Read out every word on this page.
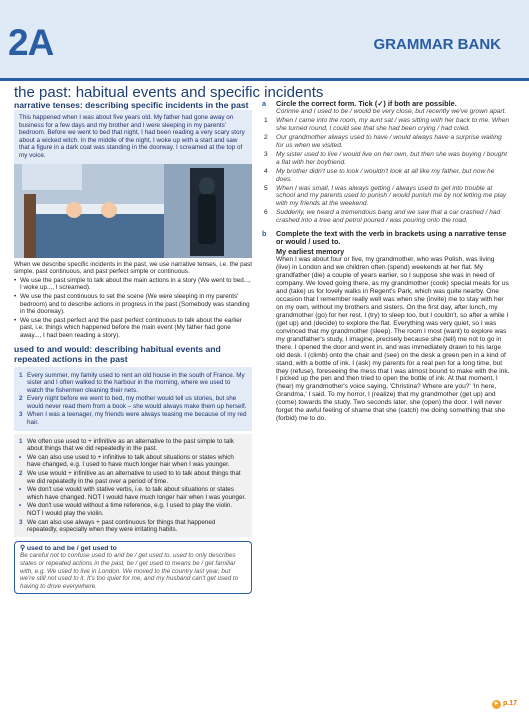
2A	GRAMMAR BANK
the past: habitual events and specific incidents
narrative tenses: describing specific incidents in the past
This happened when I was about five years old. My father had gone away on business for a few days and my brother and I were sleeping in my parents' bedroom. Before we went to bed that night, I had been reading a very scary story about a wicked witch. In the middle of the night, I woke up with a start and saw that a figure in a dark coat was standing in the doorway. I screamed at the top of my voice.
When we describe specific incidents in the past, we use narrative tenses, i.e. the past simple, past continuous, and past perfect simple or continuous.
• We use the past simple to talk about the main actions in a story (We went to bed..., I woke up..., I screamed).
• We use the past continuous to set the scene (We were sleeping in my parents' bedroom) and to describe actions in progress in the past (Somebody was standing in the doorway).
• We use the past perfect and the past perfect continuous to talk about the earlier past, i.e. things which happened before the main event (My father had gone away..., I had been reading a story).
used to and would: describing habitual events and repeated actions in the past
1 Every summer, my family used to rent an old house in the south of France. My sister and I often walked to the harbour in the morning, where we used to watch the fishermen cleaning their nets.
2 Every night before we went to bed, my mother would tell us stories, but she would never read them from a book – she would always make them up herself.
3 When I was a teenager, my friends were always teasing me because of my red hair.
1 We often use used to + infinitive as an alternative to the past simple to talk about things that we did repeatedly in the past.
• We can also use used to + infinitive to talk about situations or states which have changed, e.g. I used to have much longer hair when I was younger.
2 We use would + infinitive as an alternative to used to to talk about things that we did repeatedly in the past over a period of time.
• We don't use would with stative verbs, i.e. to talk about situations or states which have changed. NOT I would have much longer hair when I was younger.
• We don't use would without a time reference, e.g. I used to play the violin. NOT I would play the violin.
3 We can also use always + past continuous for things that happened repeatedly, especially when they were irritating habits.
⚲ used to and be / get used to
Be careful not to confuse used to and be / get used to. used to only describes states or repeated actions in the past, be / get used to means be / get familiar with, e.g. We used to live in London. We moved to the country last year, but we're still not used to it. It's too quiet for me, and my husband can't get used to having to drive everywhere.
a	Circle the correct form. Tick (✓) if both are possible.
Corinne and I used to be / would be very close, but recently we've grown apart.
1	When I came into the room, my aunt sat / was sitting with her back to me. When she turned round, I could see that she had been crying / had cried.
2	Our grandmother always used to have / would always have a surprise waiting for us when we visited.
3	My sister used to live / would live on her own, but then she was buying / bought a flat with her boyfriend.
4	My brother didn't use to look / wouldn't look at all like my father, but now he does.
5	When I was small, I was always getting / always used to get into trouble at school and my parents used to punish / would punish me by not letting me play with my friends at the weekend.
6	Suddenly, we heard a tremendous bang and we saw that a car crashed / had crashed into a tree and petrol poured / was pouring onto the road.
b	Complete the text with the verb in brackets using a narrative tense or would / used to.
My earliest memory
When I was about four or five, my grandmother, who was Polish, was living (live) in London and we children often (spend) weekends at her flat. My grandfather (die) a couple of years earlier, so I suppose she was in need of company. We loved going there, as my grandmother (cook) special meals for us and (take) us for lovely walks in Regent's Park, which was quite nearby. One occasion that I remember really well was when she (invite) me to stay with her on my own, without my brothers and sisters. On the first day, after lunch, my grandmother (go) for her rest. I (try) to sleep too, but I couldn't, so after a while I (get up) and (decide) to explore the flat. Everything was very quiet, so I was convinced that my grandmother (sleep). The room I most (want) to explore was my grandfather's study, I imagine, precisely because she (tell) me not to go in there. I opened the door and went in, and was immediately drawn to his large old desk. I (climb) onto the chair and (see) on the desk a green pen in a kind of stand, with a bottle of ink. I (ask) my parents for a real pen for a long time, but they (refuse), foreseeing the mess that I was almost bound to make with the ink. I picked up the pen and then tried to open the bottle of ink. At that moment, I (hear) my grandmother's voice saying, 'Christina? Where are you?' 'In here, Grandma,' I said. To my horror, I (realize) that my grandmother (get up) and (come) towards the study. Two seconds later, she (open) the door. I will never forget the awful feeling of shame that she (catch) me doing something that she (forbid) me to do.
► p.17
